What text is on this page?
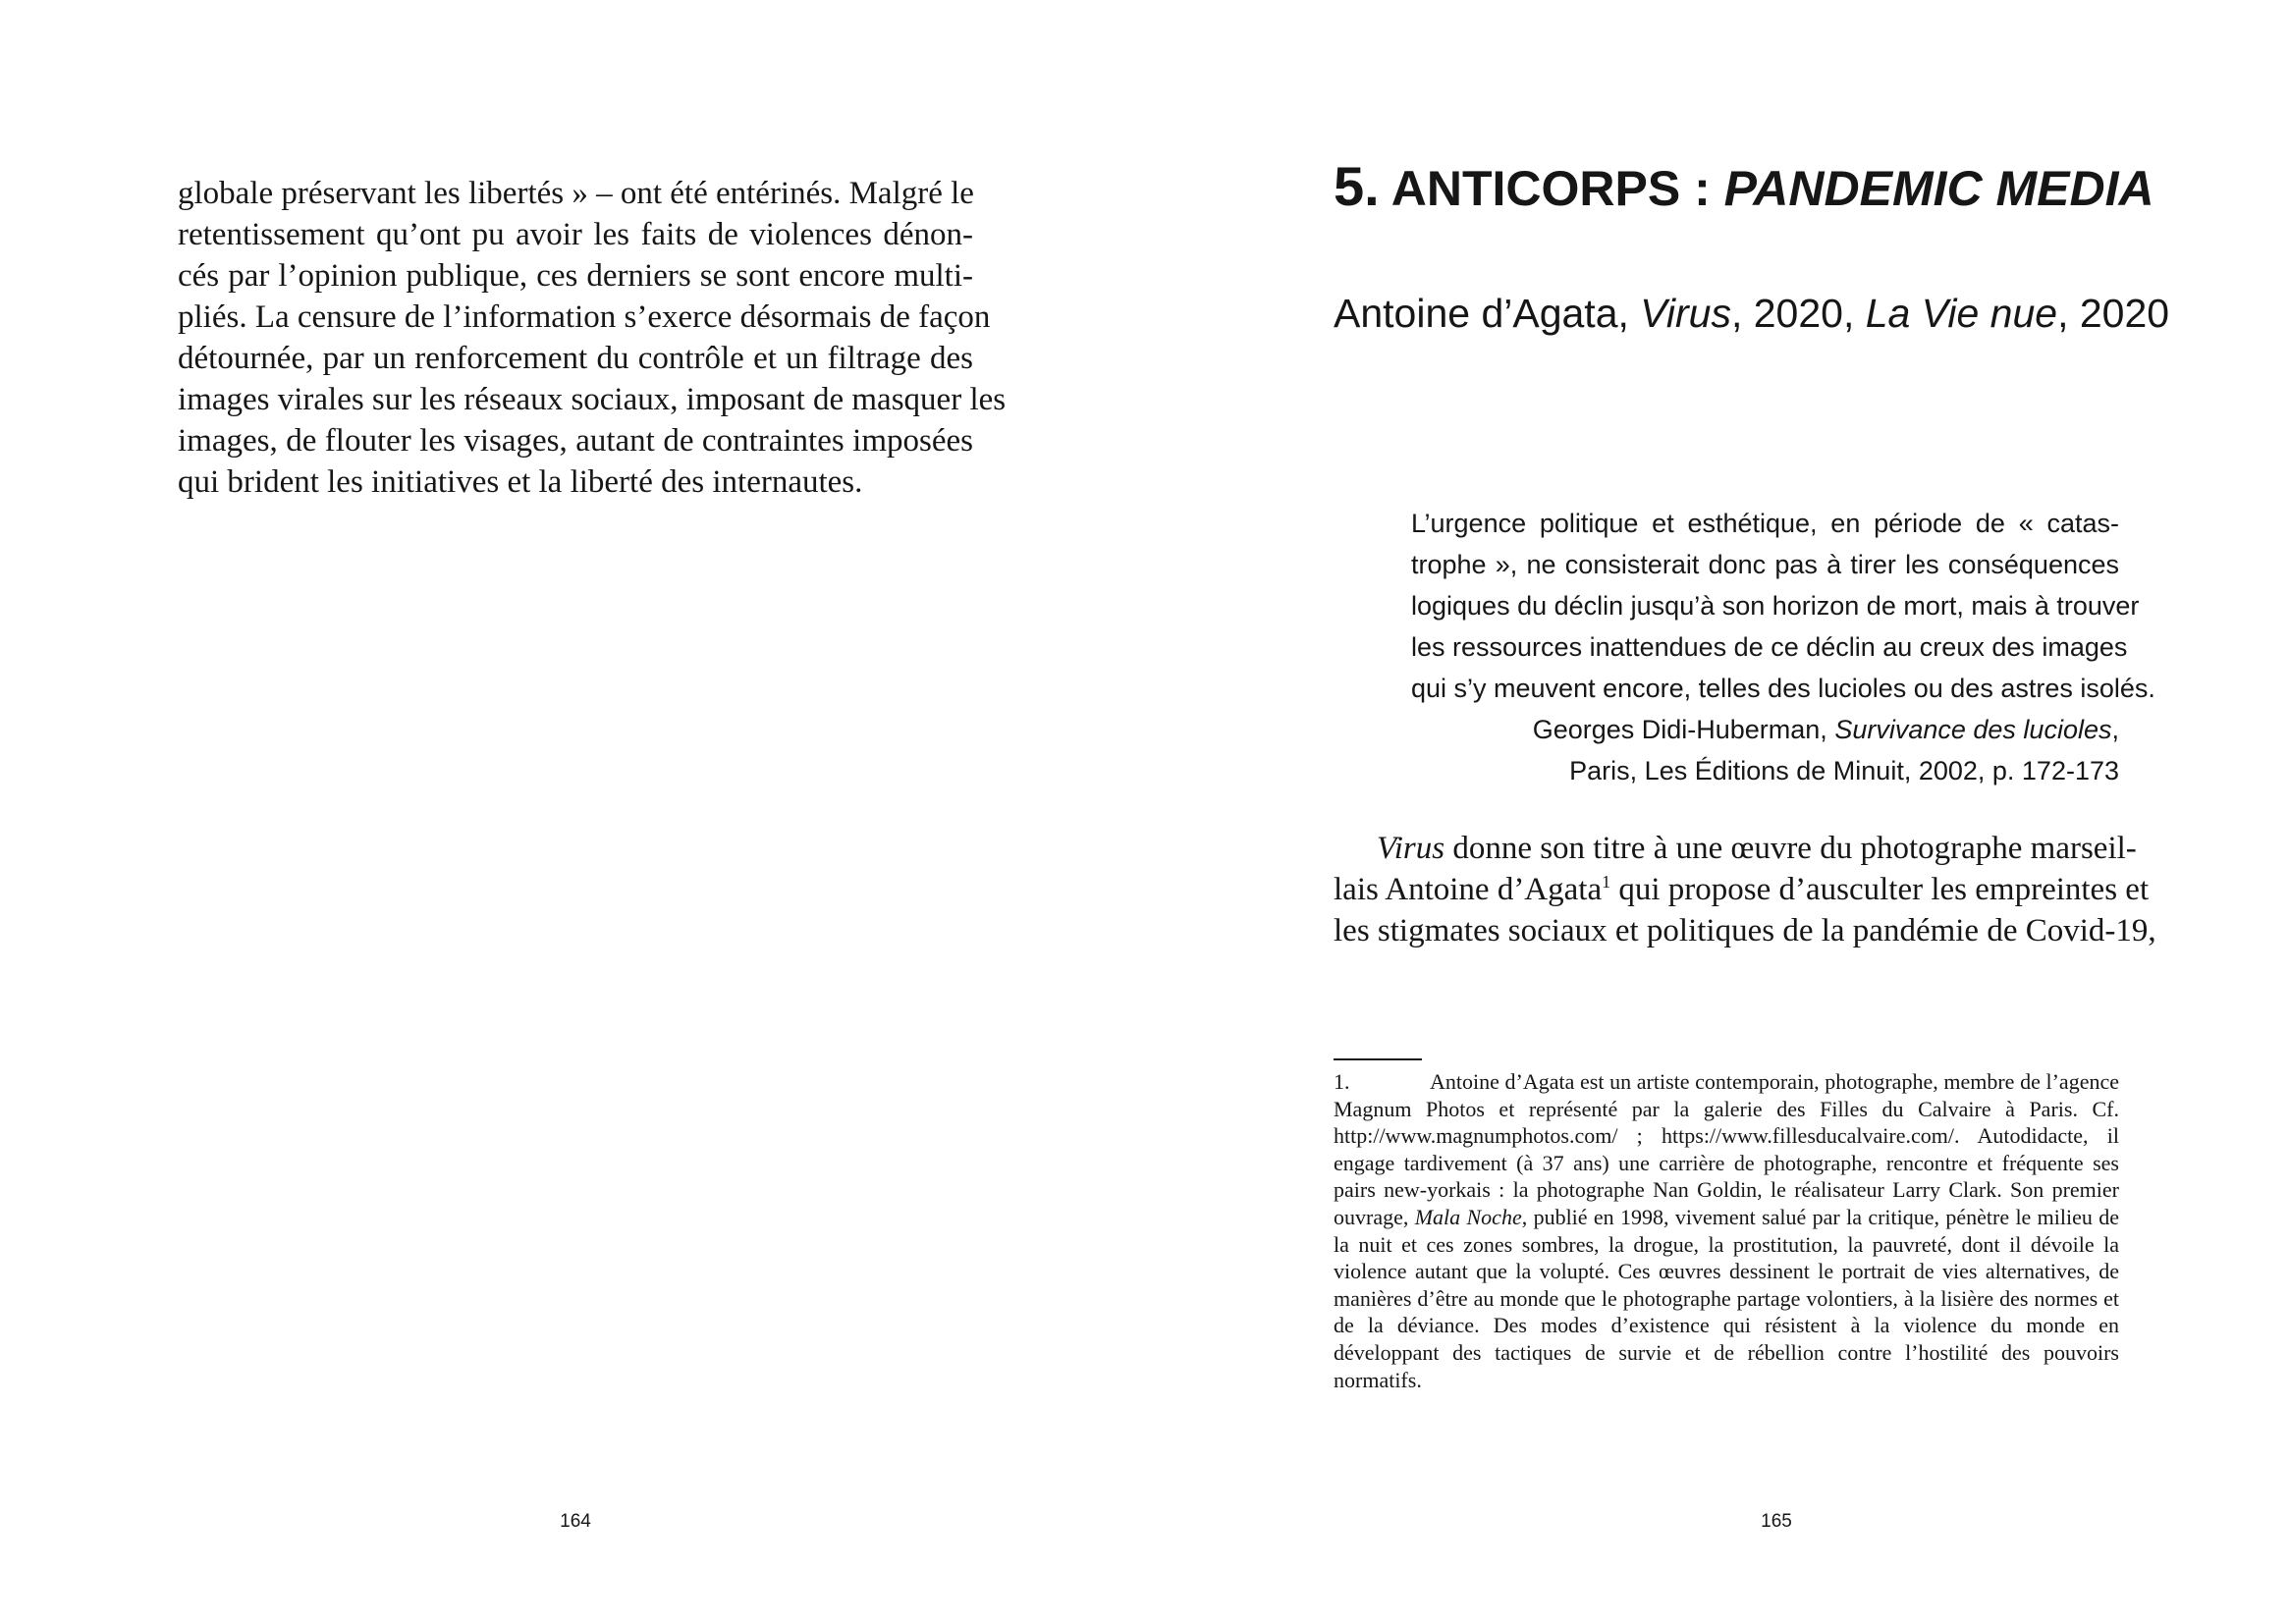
globale préservant les libertés » – ont été entérinés. Malgré le
retentissement qu’ont pu avoir les faits de violences dénon-
cés par l’opinion publique, ces derniers se sont encore multi-
pliés. La censure de l’information s’exerce désormais de façon
détournée, par un renforcement du contrôle et un filtrage des
images virales sur les réseaux sociaux, imposant de masquer les
images, de flouter les visages, autant de contraintes imposées
qui brident les initiatives et la liberté des internautes.
164
5. ANTICORPS : PANDEMIC MEDIA
Antoine d’Agata, Virus, 2020, La Vie nue, 2020
L’urgence politique et esthétique, en période de « catas-
trophe », ne consisterait donc pas à tirer les conséquences
logiques du déclin jusqu’à son horizon de mort, mais à trouver
les ressources inattendues de ce déclin au creux des images
qui s’y meuvent encore, telles des lucioles ou des astres isolés.
Georges Didi-Huberman, Survivance des lucioles,
Paris, Les Éditions de Minuit, 2002, p. 172-173
Virus donne son titre à une œuvre du photographe marseil-
lais Antoine d’Agata$^1$ qui propose d’ausculter les empreintes et
les stigmates sociaux et politiques de la pandémie de Covid-19,
1.	Antoine d’Agata est un artiste contemporain, photographe, membre de l’agence Magnum Photos et représenté par la galerie des Filles du Calvaire à Paris. Cf. http://www.magnumphotos.com/ ; https://www.fillesducalvaire.com/. Autodidacte, il engage tardivement (à 37 ans) une carrière de photographe, rencontre et fréquente ses pairs new-yorkais : la photographe Nan Goldin, le réalisateur Larry Clark. Son premier ouvrage, Mala Noche, publié en 1998, vivement salué par la critique, pénètre le milieu de la nuit et ces zones sombres, la drogue, la prostitution, la pauvreté, dont il dévoile la violence autant que la volupté. Ces œuvres dessinent le portrait de vies alternatives, de manières d’être au monde que le photographe partage volontiers, à la lisière des normes et de la déviance. Des modes d’existence qui résistent à la violence du monde en développant des tactiques de survie et de rébellion contre l’hostilité des pouvoirs normatifs.
165
